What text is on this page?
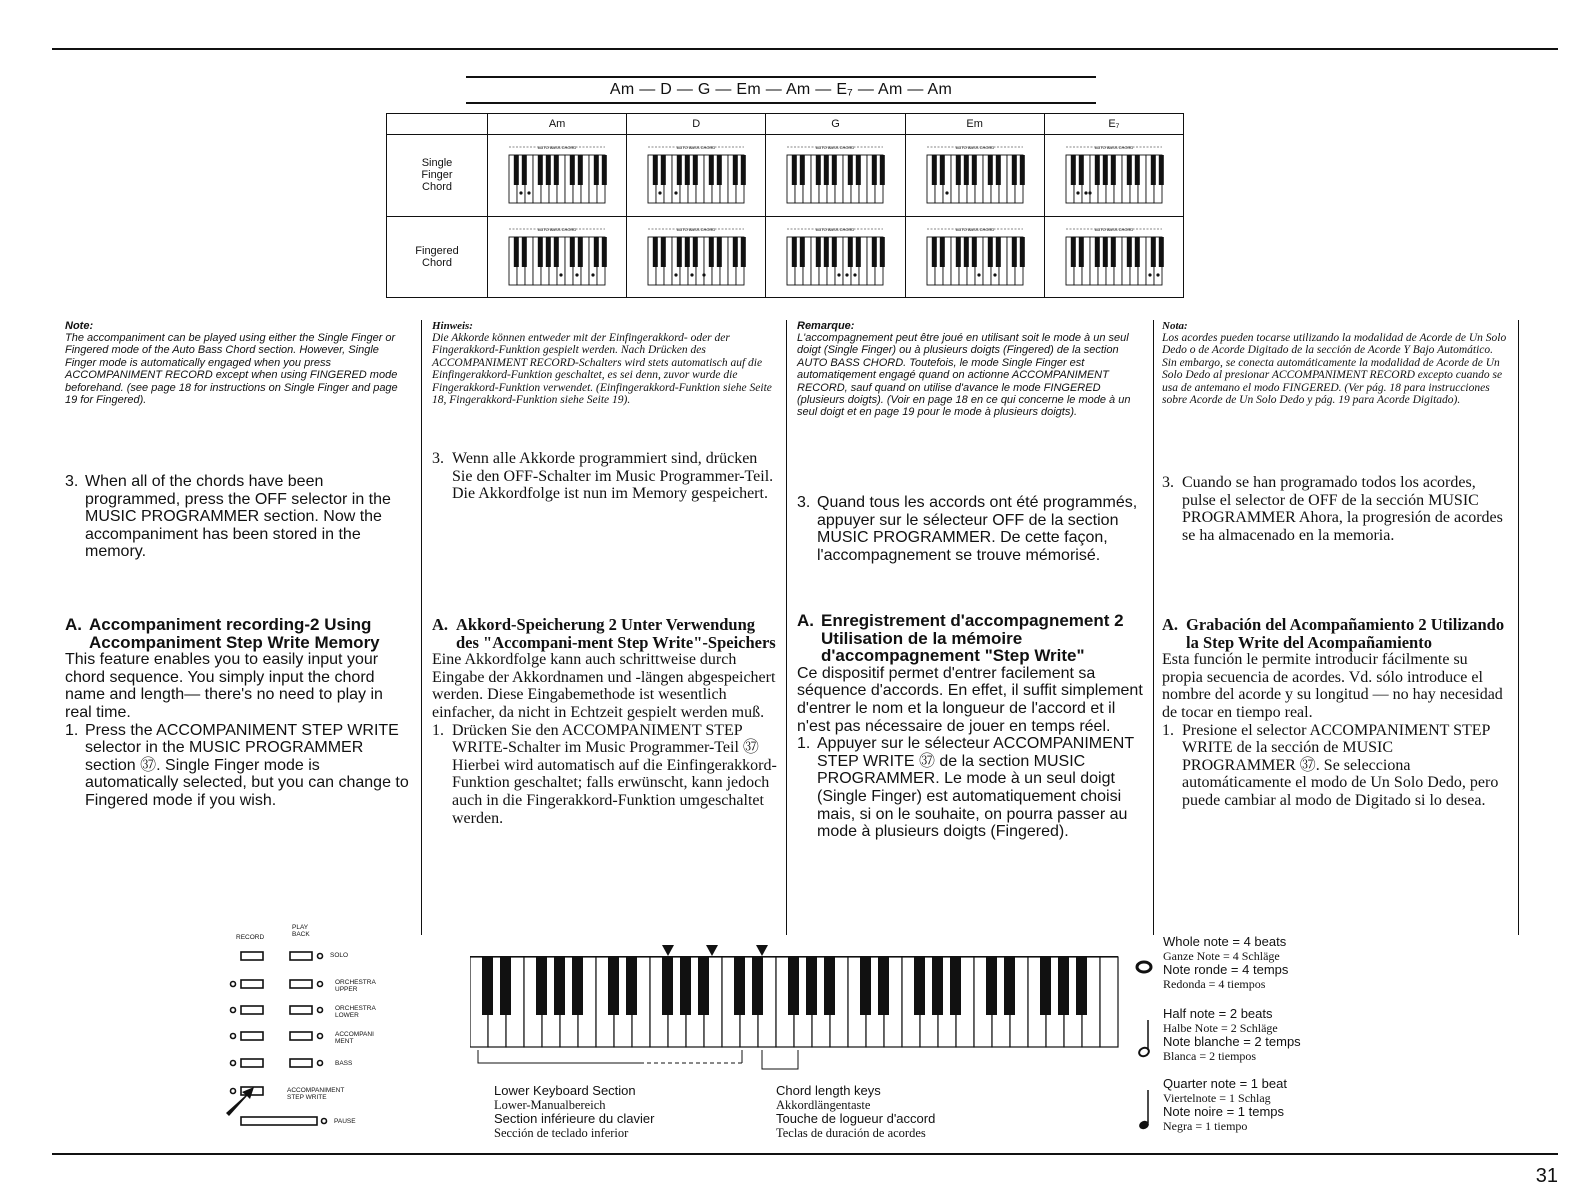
Am — D — G — Em — Am — E₇ — Am — Am
	Am	D	G	Em	E₇
Single
Finger
Chord	AUTO BASS CHORD	AUTO BASS CHORD	AUTO BASS CHORD	AUTO BASS CHORD	AUTO BASS CHORD

Fingered
Chord	AUTO BASS CHORD	AUTO BASS CHORD	AUTO BASS CHORD	AUTO BASS CHORD	AUTO BASS CHORD

Note:

The accompaniment can be played using either the Single Finger or Fingered mode of the Auto Bass Chord section. However, Single Finger mode is automatically engaged when you press ACCOMPANIMENT RECORD except when using FINGERED mode beforehand. (see page 18 for instructions on Single Finger and page 19 for Fingered).

3. When all of the chords have been programmed, press the OFF selector in the MUSIC PROGRAMMER section. Now the accompaniment has been stored in the memory.

A. Accompaniment recording-2 Using Accompaniment Step Write Memory

This feature enables you to easily input your chord sequence. You simply input the chord name and length— there's no need to play in real time.

1. Press the ACCOMPANIMENT STEP WRITE selector in the MUSIC PROGRAMMER section ㊲. Single Finger mode is automatically selected, but you can change to Fingered mode if you wish.

Hinweis:

Die Akkorde können entweder mit der Einfingerakkord- oder der Fingerakkord-Funktion gespielt werden. Nach Drücken des ACCOMPANIMENT RECORD-Schalters wird stets automatisch auf die Einfingerakkord-Funktion geschaltet, es sei denn, zuvor wurde die Fingerakkord-Funktion verwendet. (Einfingerakkord-Funktion siehe Seite 18, Fingerakkord-Funktion siehe Seite 19).

3. Wenn alle Akkorde programmiert sind, drücken Sie den OFF-Schalter im Music Programmer-Teil. Die Akkordfolge ist nun im Memory gespeichert.

A. Akkord-Speicherung 2 Unter Verwendung des "Accompani-ment Step Write"-Speichers

Eine Akkordfolge kann auch schrittweise durch Eingabe der Akkordnamen und -längen abgespeichert werden. Diese Eingabemethode ist wesentlich einfacher, da nicht in Echtzeit gespielt werden muß.

1. Drücken Sie den ACCOMPANIMENT STEP WRITE-Schalter im Music Programmer-Teil ㊲ Hierbei wird automatisch auf die Einfingerakkord-Funktion geschaltet; falls erwünscht, kann jedoch auch in die Fingerakkord-Funktion umgeschaltet werden.

Remarque:

L'accompagnement peut être joué en utilisant soit le mode à un seul doigt (Single Finger) ou à plusieurs doigts (Fingered) de la section AUTO BASS CHORD. Toutefois, le mode Single Finger est automatiqement engagé quand on actionne ACCOMPANIMENT RECORD, sauf quand on utilise d'avance le mode FINGERED (plusieurs doigts). (Voir en page 18 en ce qui concerne le mode à un seul doigt et en page 19 pour le mode à plusieurs doigts).

3. Quand tous les accords ont été programmés, appuyer sur le sélecteur OFF de la section MUSIC PROGRAMMER. De cette façon, l'accompagnement se trouve mémorisé.

A. Enregistrement d'accompagnement 2 Utilisation de la mémoire d'accompagnement "Step Write"

Ce dispositif permet d'entrer facilement sa séquence d'accords. En effet, il suffit simplement d'entrer le nom et la longueur de l'accord et il n'est pas nécessaire de jouer en temps réel.

1. Appuyer sur le sélecteur ACCOMPANIMENT STEP WRITE ㊲ de la section MUSIC PROGRAMMER. Le mode à un seul doigt (Single Finger) est automatiquement choisi mais, si on le souhaite, on pourra passer au mode à plusieurs doigts (Fingered).

Nota:

Los acordes pueden tocarse utilizando la modalidad de Acorde de Un Solo Dedo o de Acorde Digitado de la sección de Acorde Y Bajo Automático. Sin embargo, se conecta automáticamente la modalidad de Acorde de Un Solo Dedo al presionar ACCOMPANIMENT RECORD excepto cuando se usa de antemano el modo FINGERED. (Ver pág. 18 para instrucciones sobre Acorde de Un Solo Dedo y pág. 19 para Acorde Digitado).

3. Cuando se han programado todos los acordes, pulse el selector de OFF de la sección MUSIC PROGRAMMER Ahora, la progresión de acordes se ha almacenado en la memoria.

A. Grabación del Acompañamiento 2 Utilizando la Step Write del Acompañamiento

Esta función le permite introducir fácilmente su propia secuencia de acordes. Vd. sólo introduce el nombre del acorde y su longitud — no hay necesidad de tocar en tiempo real.

1. Presione el selector ACCOMPANIMENT STEP WRITE de la sección de MUSIC PROGRAMMER ㊲. Se selecciona automáticamente el modo de Un Solo Dedo, pero puede cambiar al modo de Digitado si lo desea.

RECORD
PLAY BACK
SOLO
ORCHESTRA UPPER
ORCHESTRA LOWER
ACCOMPANI MENT
BASS
ACCOMPANIMENT STEP WRITE
PAUSE
Lower Keyboard Section
Lower-Manualbereich
Section inférieure du clavier
Sección de teclado inferior
Chord length keys
Akkordlängentaste
Touche de logueur d'accord
Teclas de duración de acordes
Whole note = 4 beats
Ganze Note = 4 Schläge
Note ronde = 4 temps
Redonda = 4 tiempos
Half note = 2 beats
Halbe Note = 2 Schläge
Note blanche = 2 temps
Blanca = 2 tiempos
Quarter note = 1 beat
Viertelnote = 1 Schlag
Note noire = 1 temps
Negra = 1 tiempo
31
